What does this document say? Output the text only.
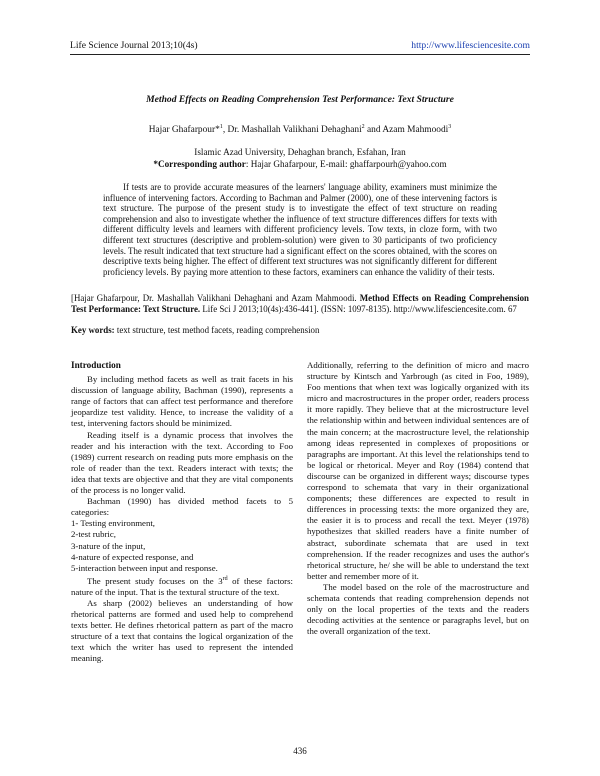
Life Science Journal 2013;10(4s)	http://www.lifesciencesite.com
Method Effects on Reading Comprehension Test Performance: Text Structure
Hajar Ghafarpour*$^1$, Dr. Mashallah Valikhani Dehaghani$^2$ and Azam Mahmoodi$^3$
Islamic Azad University, Dehaghan branch, Esfahan, Iran
*Corresponding author: Hajar Ghafarpour, E-mail: ghaffarpourh@yahoo.com
If tests are to provide accurate measures of the learners' language ability, examiners must minimize the influence of intervening factors. According to Bachman and Palmer (2000), one of these intervening factors is text structure. The purpose of the present study is to investigate the effect of text structure on reading comprehension and also to investigate whether the influence of text structure differences differs for texts with different difficulty levels and learners with different proficiency levels. Tow texts, in cloze form, with two different text structures (descriptive and problem-solution) were given to 30 participants of two proficiency levels. The result indicated that text structure had a significant effect on the scores obtained, with the scores on descriptive texts being higher. The effect of different text structures was not significantly different for different proficiency levels. By paying more attention to these factors, examiners can enhance the validity of their tests.
[Hajar Ghafarpour, Dr. Mashallah Valikhani Dehaghani and Azam Mahmoodi. Method Effects on Reading Comprehension Test Performance: Text Structure. Life Sci J 2013;10(4s):436-441]. (ISSN: 1097-8135). http://www.lifesciencesite.com. 67
Key words: text structure, test method facets, reading comprehension
Introduction

By including method facets as well as trait facets in his discussion of language ability, Bachman (1990), represents a range of factors that can affect test performance and therefore jeopardize test validity. Hence, to increase the validity of a test, intervening factors should be minimized.

Reading itself is a dynamic process that involves the reader and his interaction with the text. According to Foo (1989) current research on reading puts more emphasis on the role of reader than the text. Readers interact with texts; the idea that texts are objective and that they are vital components of the process is no longer valid.

Bachman (1990) has divided method facets to 5 categories:

1- Testing environment,

2-test rubric,

3-nature of the input,

4-nature of expected response, and

5-interaction between input and response.

The present study focuses on the 3rd of these factors: nature of the input. That is the textural structure of the text.

As sharp (2002) believes an understanding of how rhetorical patterns are formed and used help to comprehend texts better. He defines rhetorical pattern as part of the macro structure of a text that contains the logical organization of the text which the writer has used to represent the intended meaning.

Additionally, referring to the definition of micro and macro structure by Kintsch and Yarbrough (as cited in Foo, 1989), Foo mentions that when text was logically organized with its micro and macrostructures in the proper order, readers process it more rapidly. They believe that at the microstructure level the relationship within and between individual sentences are of the main concern; at the macrostructure level, the relationship among ideas represented in complexes of propositions or paragraphs are important. At this level the relationships tend to be logical or rhetorical. Meyer and Roy (1984) contend that discourse can be organized in different ways; discourse types correspond to schemata that vary in their organizational components; these differences are expected to result in differences in processing texts: the more organized they are, the easier it is to process and recall the text. Meyer (1978) hypothesizes that skilled readers have a finite number of abstract, subordinate schemata that are used in text comprehension. If the reader recognizes and uses the author's rhetorical structure, he/ she will be able to understand the text better and remember more of it.

The model based on the role of the macrostructure and schemata contends that reading comprehension depends not only on the local properties of the texts and the readers decoding activities at the sentence or paragraphs level, but on the overall organization of the text.

436
